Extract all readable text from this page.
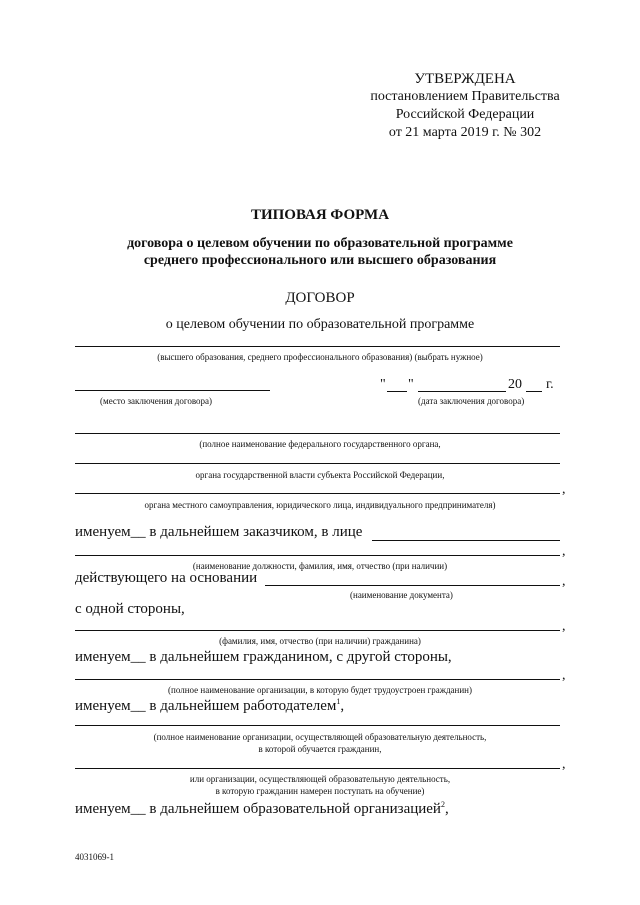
УТВЕРЖДЕНА
постановлением Правительства
Российской Федерации
от 21 марта 2019 г. № 302
ТИПОВАЯ ФОРМА
договора о целевом обучении по образовательной программе
среднего профессионального или высшего образования
ДОГОВОР
о целевом обучении по образовательной программе
(высшего образования, среднего профессионального образования) (выбрать нужное)
(место заключения договора)
" "	20 г.
(дата заключения договора)
(полное наименование федерального государственного органа,
органа государственной власти субъекта Российской Федерации,
,
органа местного самоуправления, юридического лица, индивидуального предпринимателя)
именуем__ в дальнейшем заказчиком, в лице
,
(наименование должности, фамилия, имя, отчество (при наличии)
действующего на основании	,
(наименование документа)
с одной стороны,
,
(фамилия, имя, отчество (при наличии) гражданина)
именуем__ в дальнейшем гражданином, с другой стороны,
,
(полное наименование организации, в которую будет трудоустроен гражданин)
именуем__ в дальнейшем работодателем$^1$,
(полное наименование организации, осуществляющей образовательную деятельность,
в которой обучается гражданин,
,
или организации, осуществляющей образовательную деятельность,
в которую гражданин намерен поступать на обучение)
именуем__ в дальнейшем образовательной организацией$^2$,
4031069-1
